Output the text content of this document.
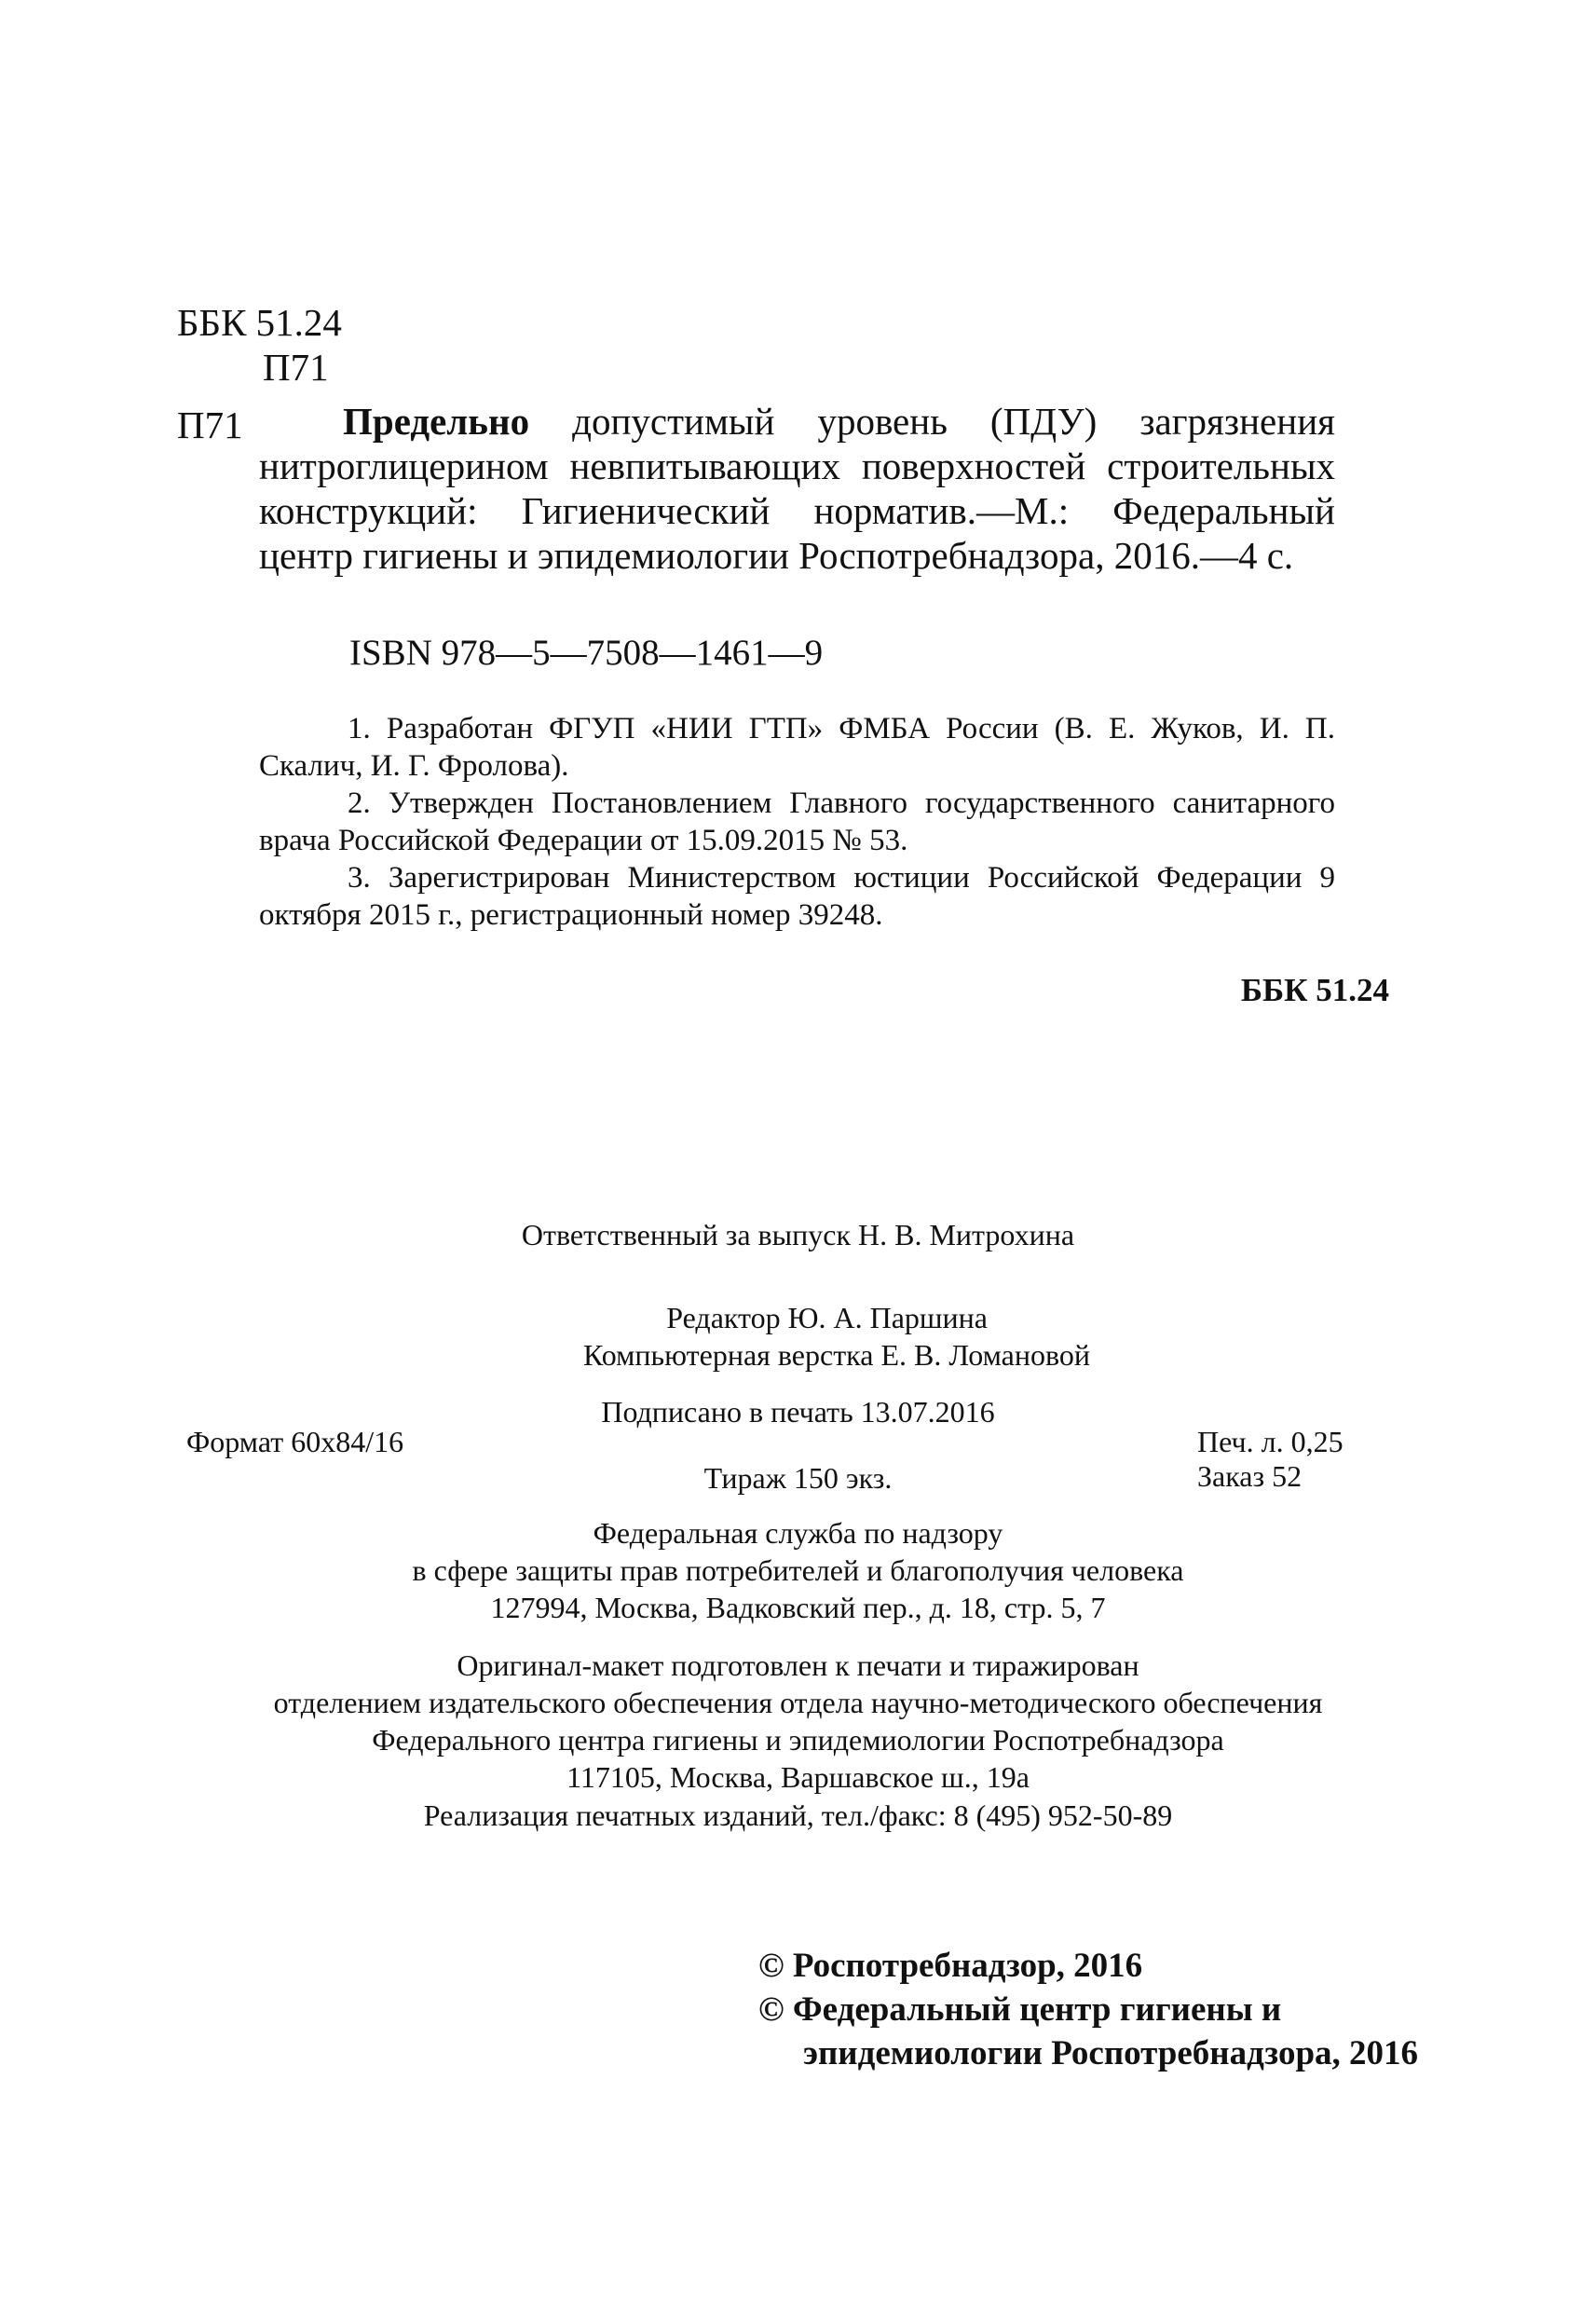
ББК 51.24
П71
П71	Предельно допустимый уровень (ПДУ) загрязнения нитроглицерином невпитывающих поверхностей строительных конструкций: Гигиенический норматив.—М.: Федеральный центр гигиены и эпидемиологии Роспотребнадзора, 2016.—4 с.
ISBN 978—5—7508—1461—9

1. Разработан ФГУП «НИИ ГТП» ФМБА России (В. Е. Жуков, И. П. Скалич, И. Г. Фролова).

2. Утвержден Постановлением Главного государственного санитарного врача Российской Федерации от 15.09.2015 № 53.

3. Зарегистрирован Министерством юстиции Российской Федерации 9 октября 2015 г., регистрационный номер 39248.

ББК 51.24
Ответственный за выпуск Н. В. Митрохина
Редактор Ю. А. Паршина
Компьютерная верстка Е. В. Ломановой
Подписано в печать 13.07.2016
Формат 60х84/16	Печ. л. 0,25
Тираж 150 экз.	Заказ 52
Федеральная служба по надзору
в сфере защиты прав потребителей и благополучия человека
127994, Москва, Вадковский пер., д. 18, стр. 5, 7
Оригинал-макет подготовлен к печати и тиражирован
отделением издательского обеспечения отдела научно-методического обеспечения
Федерального центра гигиены и эпидемиологии Роспотребнадзора
117105, Москва, Варшавское ш., 19а
Реализация печатных изданий, тел./факс: 8 (495) 952-50-89
© Роспотребнадзор, 2016
© Федеральный центр гигиены и
эпидемиологии Роспотребнадзора, 2016
